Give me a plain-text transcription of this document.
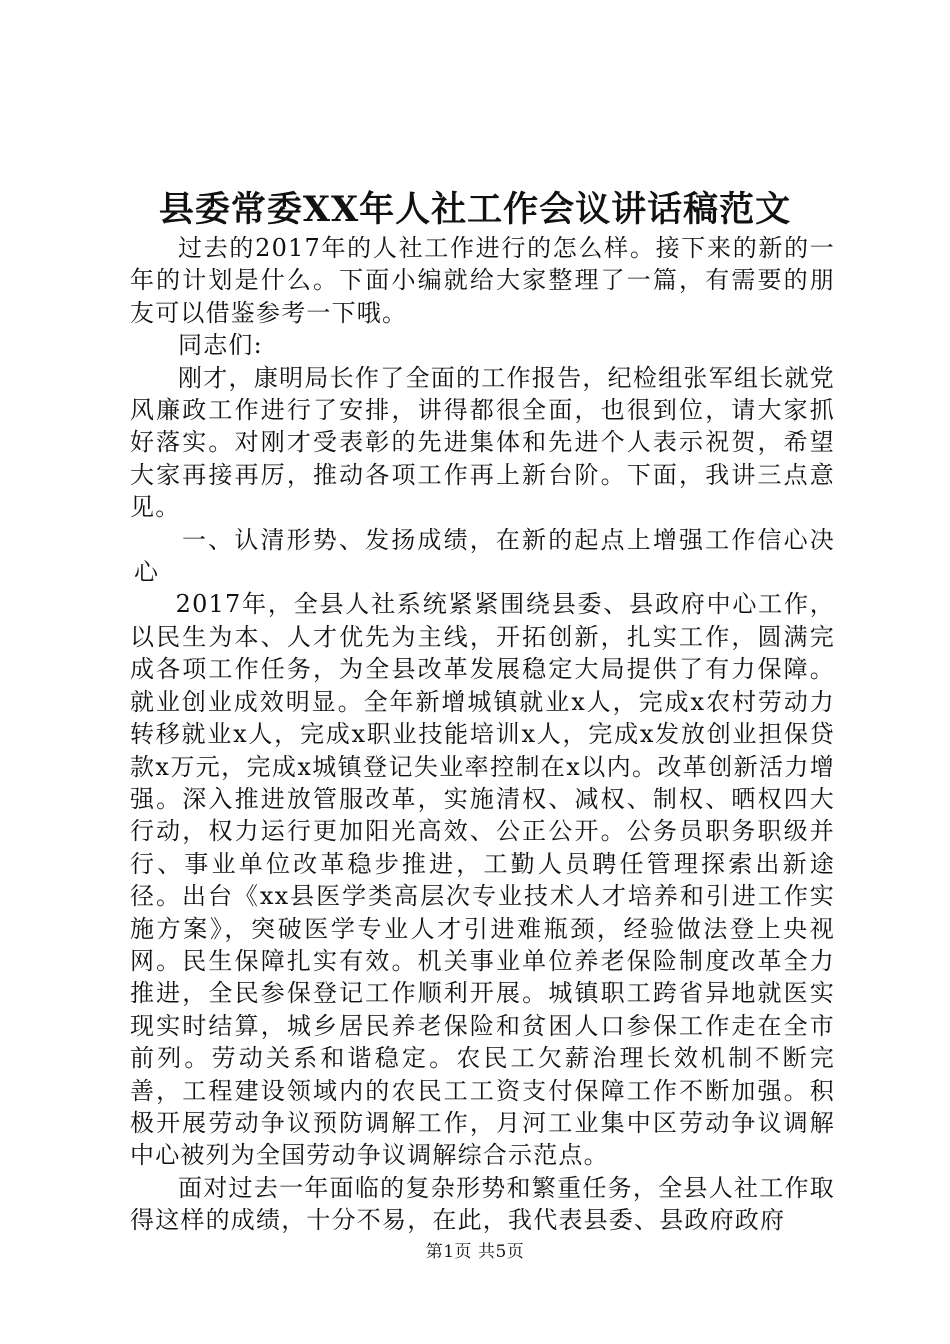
县委常委XX年人社工作会议讲话稿范文

过去的2017年的人社工作进行的怎么样。接下来的新的一年的计划是什么。下面小编就给大家整理了一篇，有需要的朋友可以借鉴参考一下哦。

同志们:

刚才，康明局长作了全面的工作报告，纪检组张军组长就党风廉政工作进行了安排，讲得都很全面，也很到位，请大家抓好落实。对刚才受表彰的先进集体和先进个人表示祝贺，希望大家再接再厉，推动各项工作再上新台阶。下面，我讲三点意见。

一、认清形势、发扬成绩，在新的起点上增强工作信心决心

2017年，全县人社系统紧紧围绕县委、县政府中心工作，以民生为本、人才优先为主线，开拓创新，扎实工作，圆满完成各项工作任务，为全县改革发展稳定大局提供了有力保障。就业创业成效明显。全年新增城镇就业x人，完成x农村劳动力转移就业x人，完成x职业技能培训x人，完成x发放创业担保贷款x万元，完成x城镇登记失业率控制在x以内。改革创新活力增强。深入推进放管服改革，实施清权、减权、制权、晒权四大行动，权力运行更加阳光高效、公正公开。公务员职务职级并行、事业单位改革稳步推进，工勤人员聘任管理探索出新途径。出台《xx县医学类高层次专业技术人才培养和引进工作实施方案》，突破医学专业人才引进难瓶颈，经验做法登上央视网。民生保障扎实有效。机关事业单位养老保险制度改革全力推进，全民参保登记工作顺利开展。城镇职工跨省异地就医实现实时结算，城乡居民养老保险和贫困人口参保工作走在全市前列。劳动关系和谐稳定。农民工欠薪治理长效机制不断完善，工程建设领域内的农民工工资支付保障工作不断加强。积极开展劳动争议预防调解工作，月河工业集中区劳动争议调解中心被列为全国劳动争议调解综合示范点。

面对过去一年面临的复杂形势和繁重任务，全县人社工作取得这样的成绩，十分不易，在此，我代表县委、县政府政府

第1页 共5页
